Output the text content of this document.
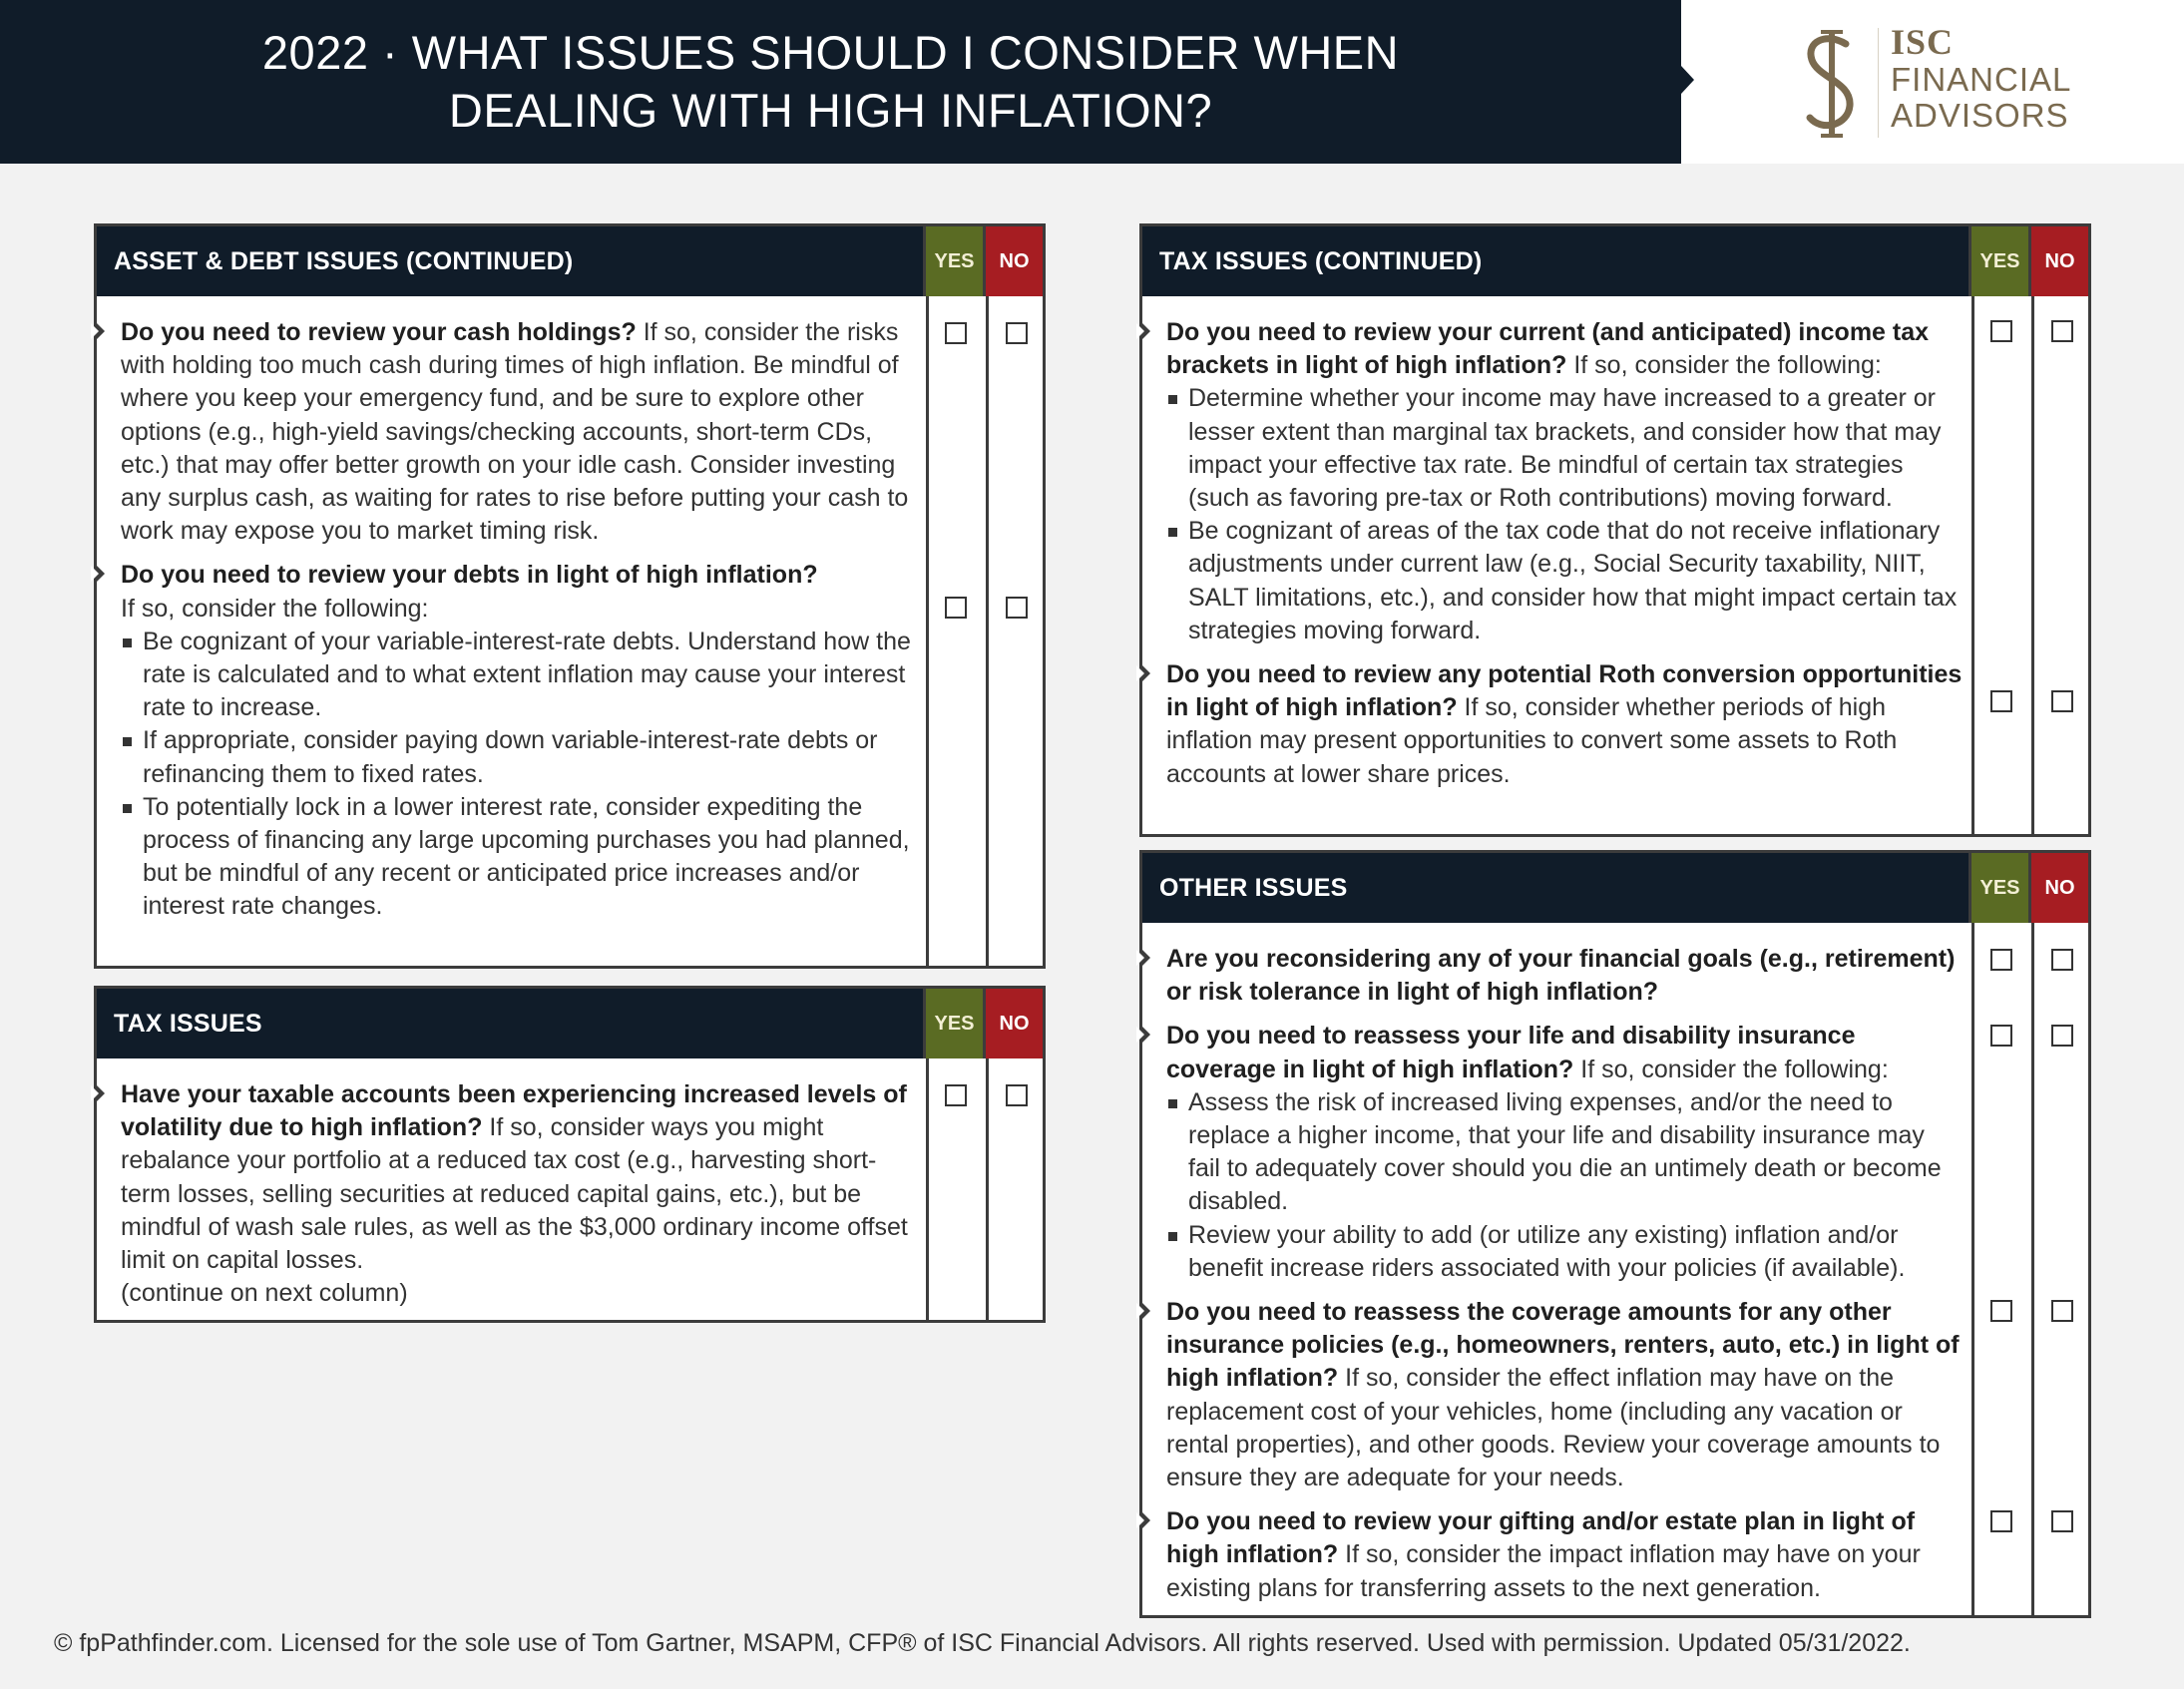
2022 · WHAT ISSUES SHOULD I CONSIDER WHEN
DEALING WITH HIGH INFLATION?
ISC
FINANCIAL
ADVISORS
ASSET & DEBT ISSUES (CONTINUED)	YES	NO
Do you need to review your cash holdings? If so, consider the risks with holding too much cash during times of high inflation. Be mindful of where you keep your emergency fund, and be sure to explore other options (e.g., high-yield savings/checking accounts, short-term CDs, etc.) that may offer better growth on your idle cash. Consider investing any surplus cash, as waiting for rates to rise before putting your cash to work may expose you to market timing risk.
Do you need to review your debts in light of high inflation?
If so, consider the following:
Be cognizant of your variable-interest-rate debts. Understand how the rate is calculated and to what extent inflation may cause your interest rate to increase.
If appropriate, consider paying down variable-interest-rate debts or refinancing them to fixed rates.
To potentially lock in a lower interest rate, consider expediting the process of financing any large upcoming purchases you had planned, but be mindful of any recent or anticipated price increases and/or interest rate changes.
TAX ISSUES	YES	NO
Have your taxable accounts been experiencing increased levels of volatility due to high inflation? If so, consider ways you might rebalance your portfolio at a reduced tax cost (e.g., harvesting short-term losses, selling securities at reduced capital gains, etc.), but be mindful of wash sale rules, as well as the $3,000 ordinary income offset limit on capital losses.
(continue on next column)
TAX ISSUES (CONTINUED)	YES	NO
Do you need to review your current (and anticipated) income tax brackets in light of high inflation? If so, consider the following:
Determine whether your income may have increased to a greater or lesser extent than marginal tax brackets, and consider how that may impact your effective tax rate. Be mindful of certain tax strategies (such as favoring pre-tax or Roth contributions) moving forward.
Be cognizant of areas of the tax code that do not receive inflationary adjustments under current law (e.g., Social Security taxability, NIIT, SALT limitations, etc.), and consider how that might impact certain tax strategies moving forward.
Do you need to review any potential Roth conversion opportunities in light of high inflation? If so, consider whether periods of high inflation may present opportunities to convert some assets to Roth accounts at lower share prices.
OTHER ISSUES	YES	NO
Are you reconsidering any of your financial goals (e.g., retirement) or risk tolerance in light of high inflation?
Do you need to reassess your life and disability insurance coverage in light of high inflation? If so, consider the following:
Assess the risk of increased living expenses, and/or the need to replace a higher income, that your life and disability insurance may fail to adequately cover should you die an untimely death or become disabled.
Review your ability to add (or utilize any existing) inflation and/or benefit increase riders associated with your policies (if available).
Do you need to reassess the coverage amounts for any other insurance policies (e.g., homeowners, renters, auto, etc.) in light of high inflation? If so, consider the effect inflation may have on the replacement cost of your vehicles, home (including any vacation or rental properties), and other goods. Review your coverage amounts to ensure they are adequate for your needs.
Do you need to review your gifting and/or estate plan in light of high inflation? If so, consider the impact inflation may have on your existing plans for transferring assets to the next generation.
© fpPathfinder.com. Licensed for the sole use of Tom Gartner, MSAPM, CFP® of ISC Financial Advisors. All rights reserved. Used with permission. Updated 05/31/2022.
